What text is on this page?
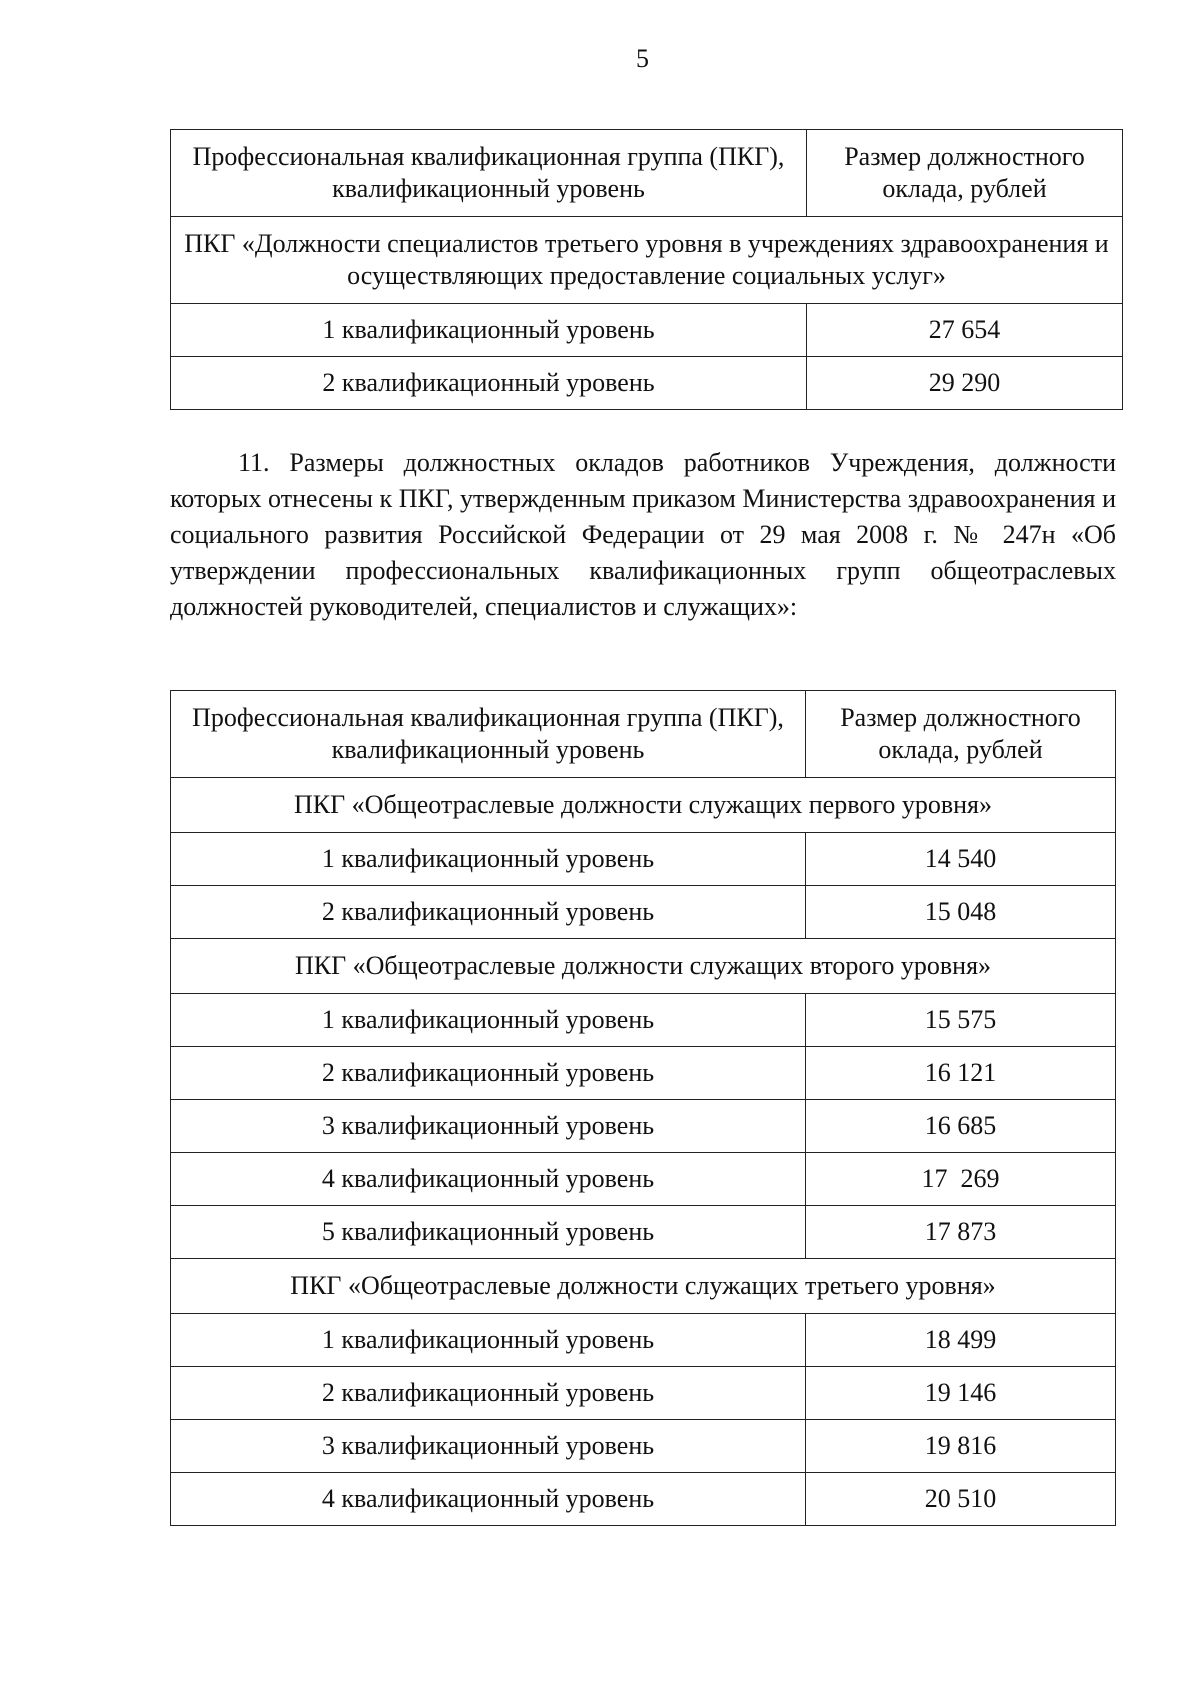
5
Профессиональная квалификационная группа (ПКГ), квалификационный уровень	Размер должностного оклада, рублей
ПКГ «Должности специалистов третьего уровня в учреждениях здравоохранения и осуществляющих предоставление социальных услуг»	
1 квалификационный уровень	27 654
2 квалификационный уровень	29 290

11. Размеры должностных окладов работников Учреждения, должности которых отнесены к ПКГ, утвержденным приказом Министерства здравоохранения и социального развития Российской Федерации от 29 мая 2008 г. № 247н «Об утверждении профессиональных квалификационных групп общеотраслевых должностей руководителей, специалистов и служащих»:

Профессиональная квалификационная группа (ПКГ), квалификационный уровень	Размер должностного оклада, рублей
ПКГ «Общеотраслевые должности служащих первого уровня»	
1 квалификационный уровень	14 540
2 квалификационный уровень	15 048
ПКГ «Общеотраслевые должности служащих второго уровня»	
1 квалификационный уровень	15 575
2 квалификационный уровень	16 121
3 квалификационный уровень	16 685
4 квалификационный уровень	17  269
5 квалификационный уровень	17 873
ПКГ «Общеотраслевые должности служащих третьего уровня»	
1 квалификационный уровень	18 499
2 квалификационный уровень	19 146
3 квалификационный уровень	19 816
4 квалификационный уровень	20 510
